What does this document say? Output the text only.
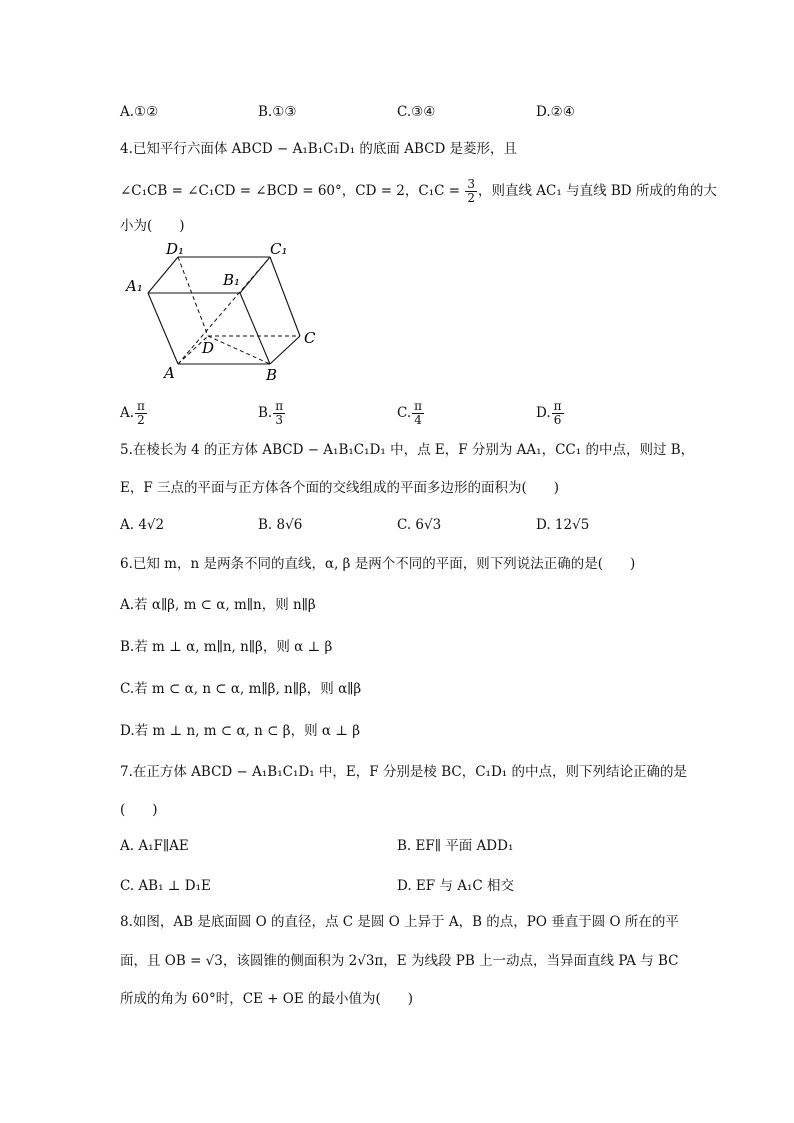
A.①②	B.①③	C.③④	D.②④
4.已知平行六面体 ABCD − A₁B₁C₁D₁ 的底面 ABCD 是菱形，且
∠C₁CB = ∠C₁CD = ∠BCD = 60°，CD = 2，$C_1C = \frac{3}{2}$ ，则直线 AC₁ 与直线 BD 所成的角的大
小为(　　)
D₁	C₁
B₁
A₁
D
C
A	B
A. $\frac{\pi}{2}$	B. $\frac{\pi}{3}$	C. $\frac{\pi}{4}$	D. $\frac{\pi}{6}$
5.在棱长为 4 的正方体 ABCD − A₁B₁C₁D₁ 中，点 E，F 分别为 AA₁，CC₁ 的中点，则过 B，
E，F 三点的平面与正方体各个面的交线组成的平面多边形的面积为(　　)
A. 4√2	B. 8√6	C. 6√3	D. 12√5
6.已知 m，n 是两条不同的直线，α, β 是两个不同的平面，则下列说法正确的是(　　)
A.若 α∥β, m ⊂ α, m∥n，则 n∥β
B.若 m ⊥ α, m∥n, n∥β，则 α ⊥ β
C.若 m ⊂ α, n ⊂ α, m∥β, n∥β，则 α∥β
D.若 m ⊥ n, m ⊂ α, n ⊂ β，则 α ⊥ β
7.在正方体 ABCD − A₁B₁C₁D₁ 中，E，F 分别是棱 BC，C₁D₁ 的中点，则下列结论正确的是
(　　)
A. A₁F∥AE	B. EF∥ 平面 ADD₁
C. AB₁ ⊥ D₁E	D. EF 与 A₁C 相交
8.如图，AB 是底面圆 O 的直径，点 C 是圆 O 上异于 A，B 的点，PO 垂直于圆 O 所在的平
面，且 OB = √3，该圆锥的侧面积为 2√3π，E 为线段 PB 上一动点，当异面直线 PA 与 BC
所成的角为 60°时，CE + OE 的最小值为(　　)
